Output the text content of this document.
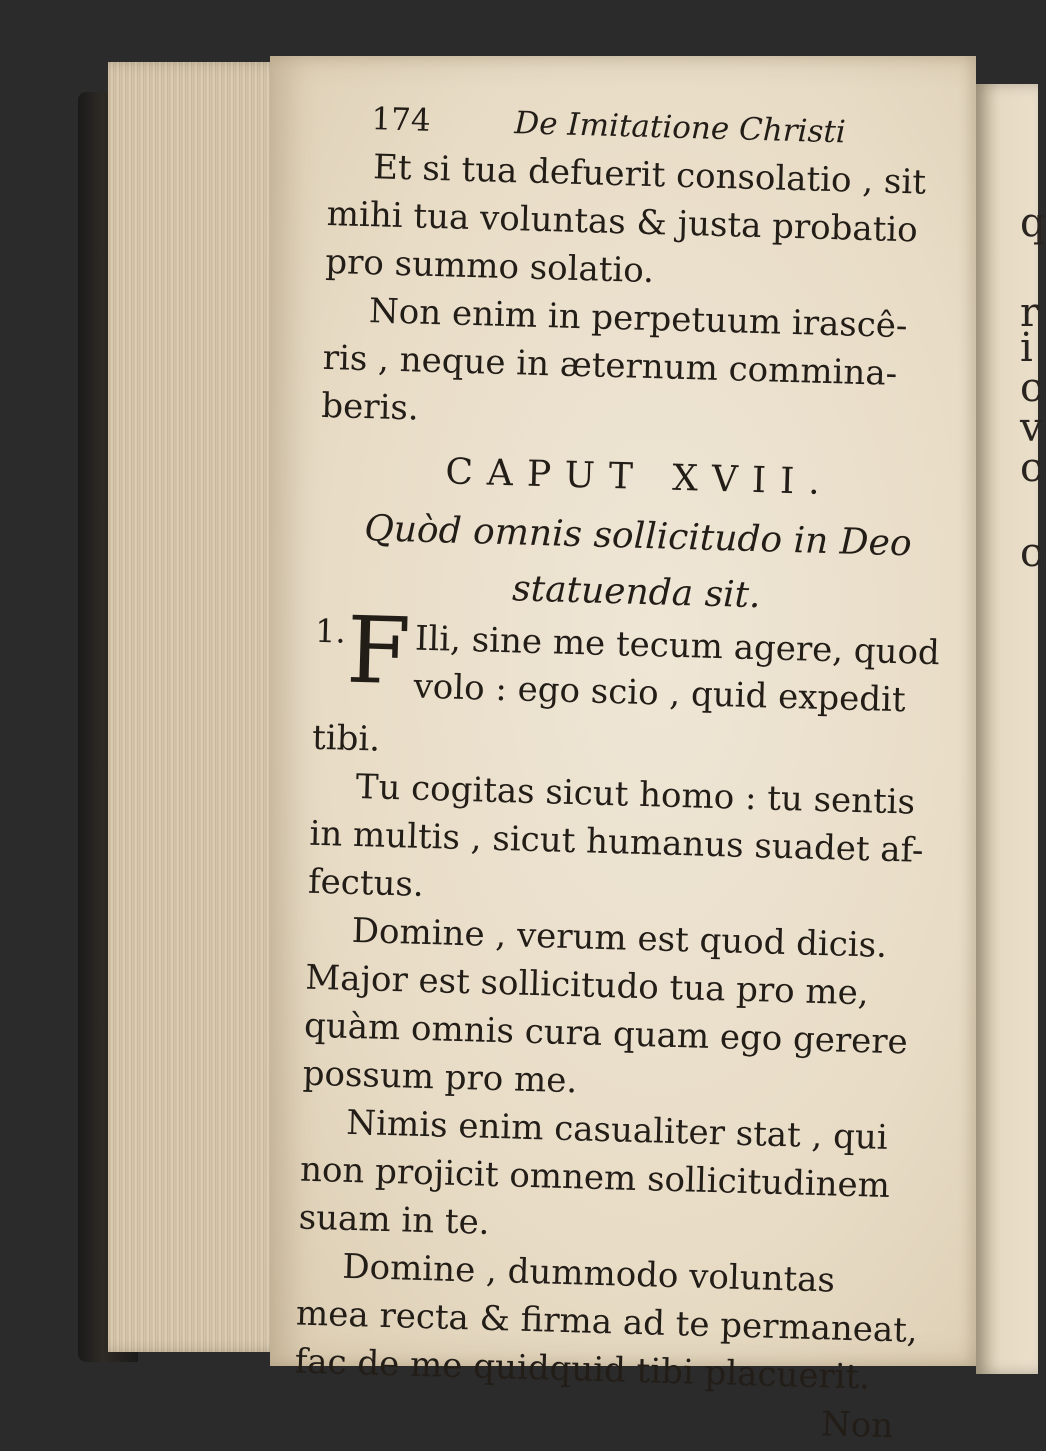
q
r
i
c
v
c
c
174	De Imitatione Christi
Et si tua defuerit consolatio , sit
mihi tua voluntas & justa probatio
pro summo solatio.
Non enim in perpetuum irascê-
ris , neque in æternum commina-
beris.
CAPUT XVII.
Quòd omnis sollicitudo in Deo
statuenda sit.
1.
F Ili, sine me tecum agere, quod
volo : ego scio , quid expedit
tibi.
Tu cogitas sicut homo : tu sentis
in multis , sicut humanus suadet af-
fectus.
Domine , verum est quod dicis.
Major est sollicitudo tua pro me,
quàm omnis cura quam ego gerere
possum pro me.
Nimis enim casualiter stat , qui
non projicit omnem sollicitudinem
suam in te.
Domine , dummodo voluntas
mea recta & firma ad te permaneat,
fac de me quidquid tibi placuerit.
Non
